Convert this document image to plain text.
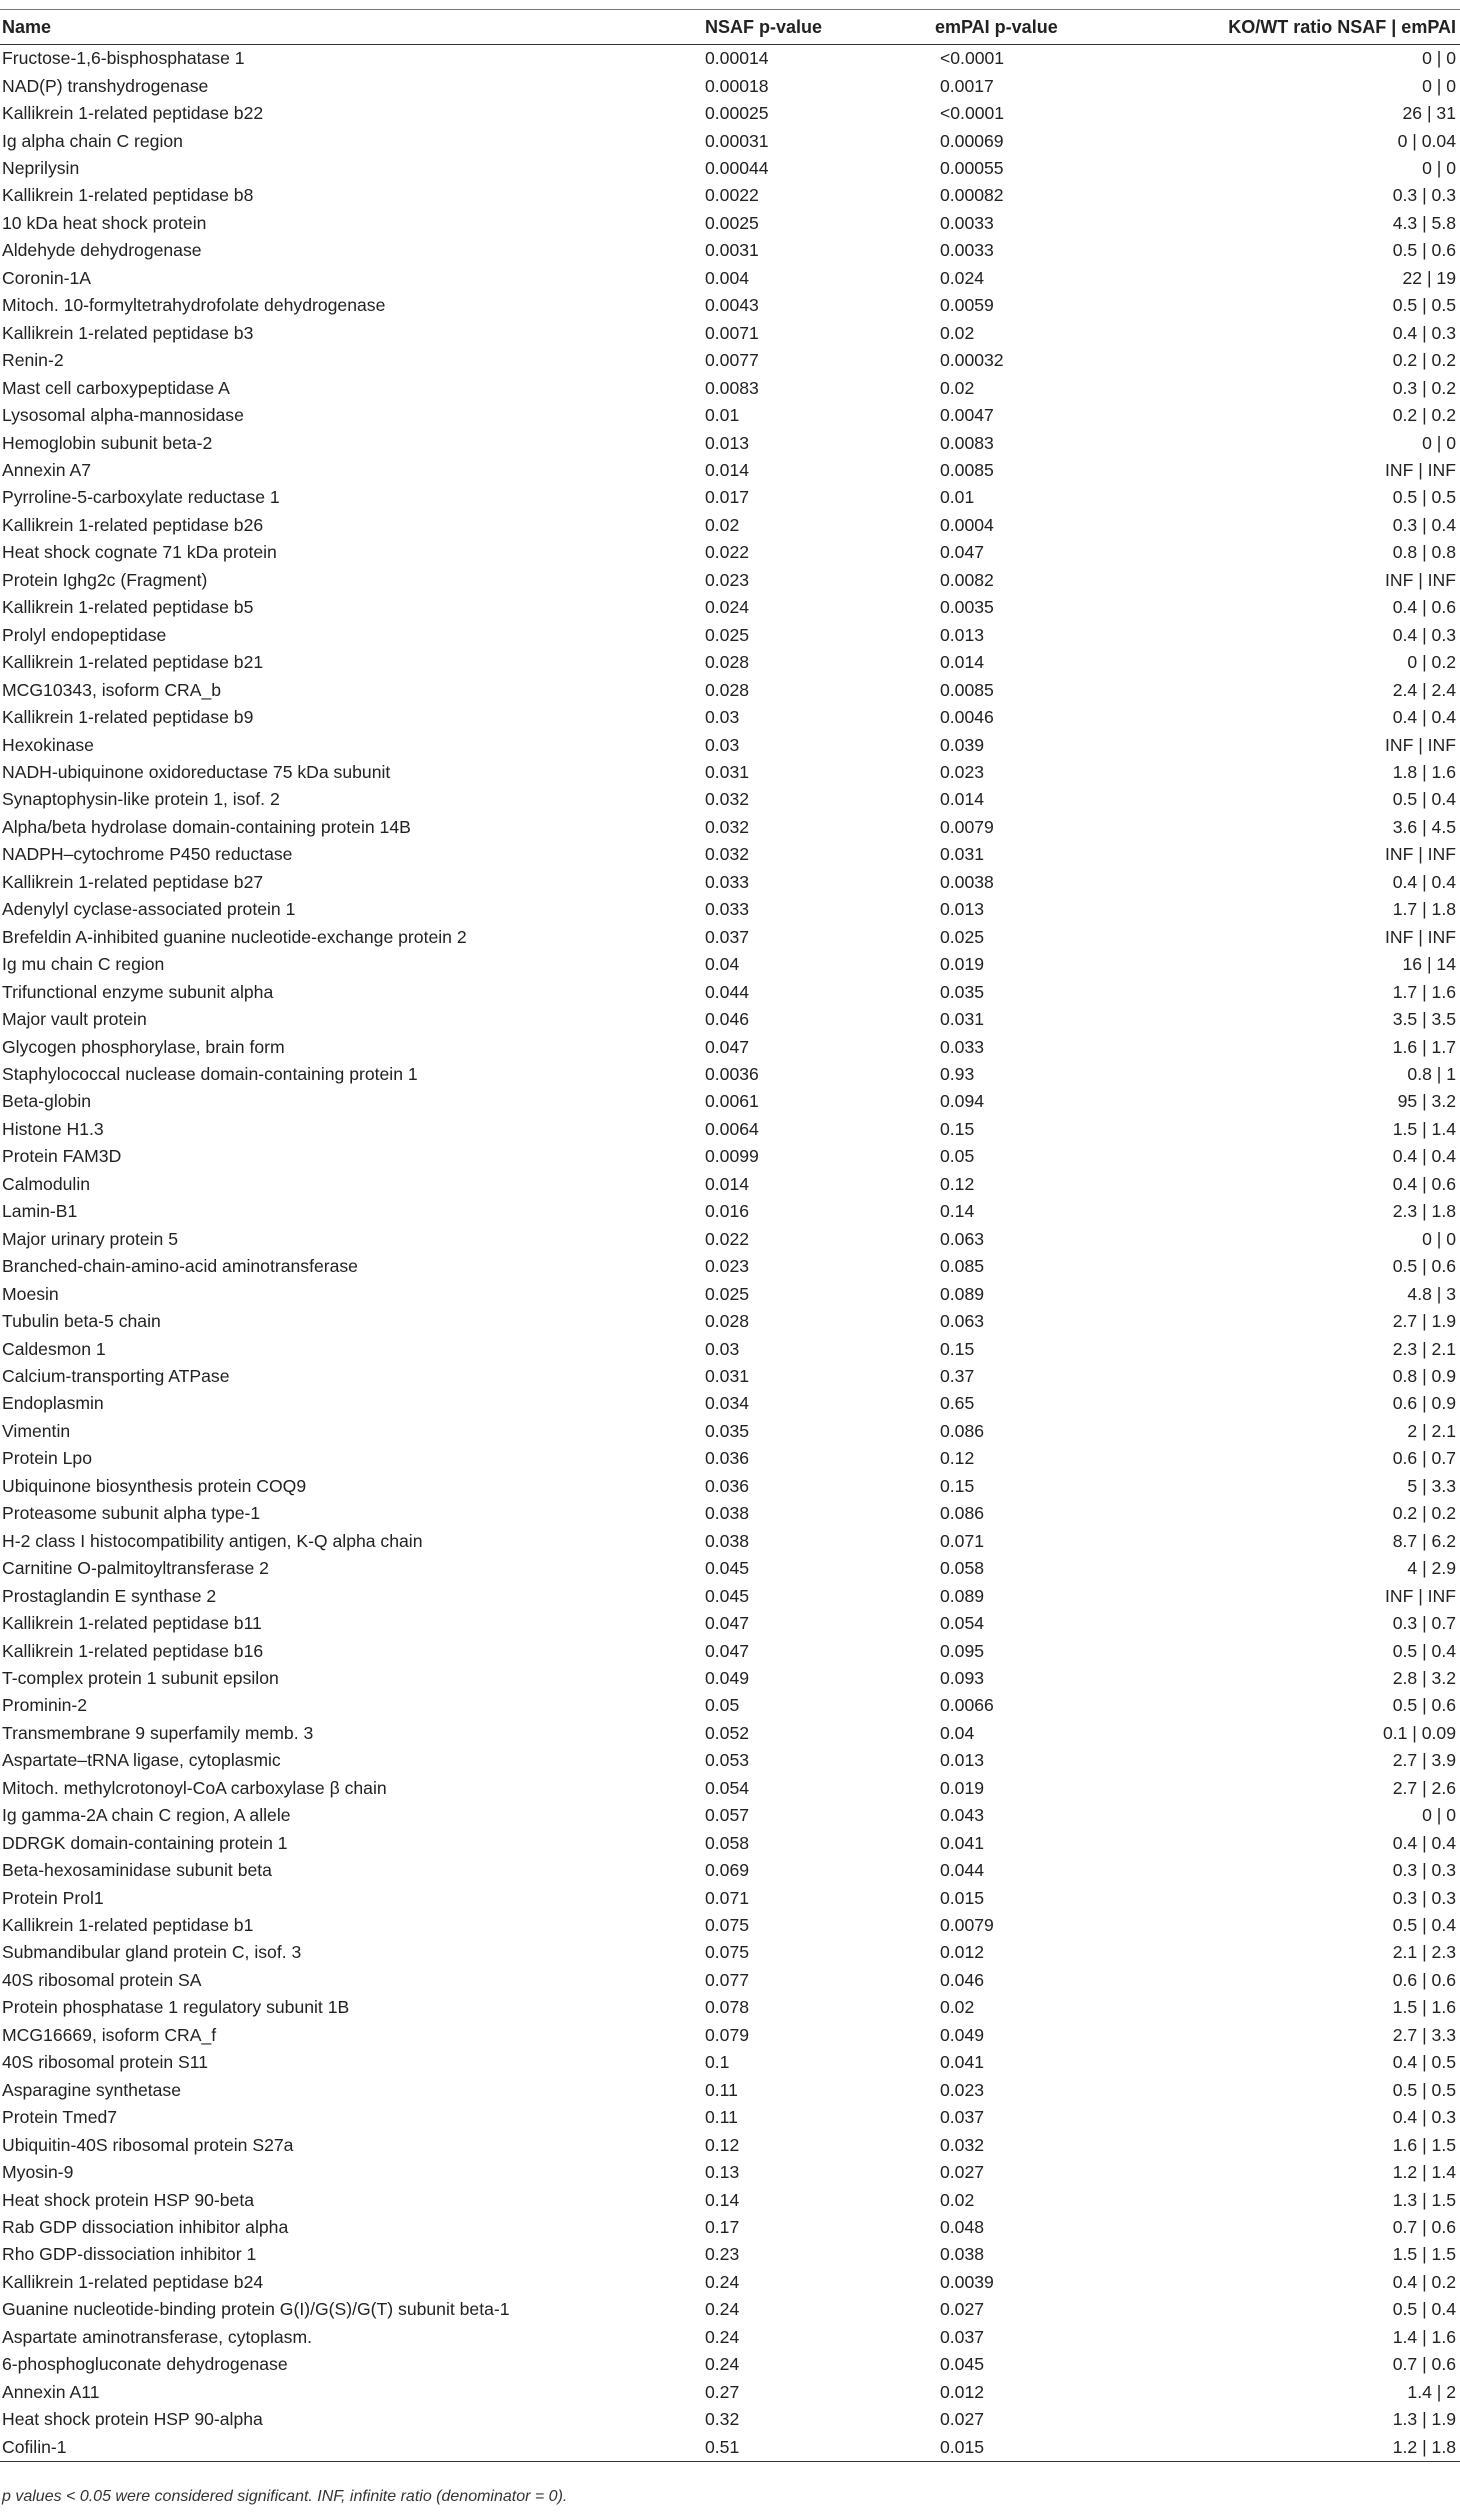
Name	NSAF p-value	emPAI p-value	KO/WT ratio NSAF | emPAI
Fructose-1,6-bisphosphatase 1	0.00014	<0.0001	0 | 0
NAD(P) transhydrogenase	0.00018	0.0017	0 | 0
Kallikrein 1-related peptidase b22	0.00025	<0.0001	26 | 31
Ig alpha chain C region	0.00031	0.00069	0 | 0.04
Neprilysin	0.00044	0.00055	0 | 0
Kallikrein 1-related peptidase b8	0.0022	0.00082	0.3 | 0.3
10 kDa heat shock protein	0.0025	0.0033	4.3 | 5.8
Aldehyde dehydrogenase	0.0031	0.0033	0.5 | 0.6
Coronin-1A	0.004	0.024	22 | 19
Mitoch. 10-formyltetrahydrofolate dehydrogenase	0.0043	0.0059	0.5 | 0.5
Kallikrein 1-related peptidase b3	0.0071	0.02	0.4 | 0.3
Renin-2	0.0077	0.00032	0.2 | 0.2
Mast cell carboxypeptidase A	0.0083	0.02	0.3 | 0.2
Lysosomal alpha-mannosidase	0.01	0.0047	0.2 | 0.2
Hemoglobin subunit beta-2	0.013	0.0083	0 | 0
Annexin A7	0.014	0.0085	INF | INF
Pyrroline-5-carboxylate reductase 1	0.017	0.01	0.5 | 0.5
Kallikrein 1-related peptidase b26	0.02	0.0004	0.3 | 0.4
Heat shock cognate 71 kDa protein	0.022	0.047	0.8 | 0.8
Protein Ighg2c (Fragment)	0.023	0.0082	INF | INF
Kallikrein 1-related peptidase b5	0.024	0.0035	0.4 | 0.6
Prolyl endopeptidase	0.025	0.013	0.4 | 0.3
Kallikrein 1-related peptidase b21	0.028	0.014	0 | 0.2
MCG10343, isoform CRA_b	0.028	0.0085	2.4 | 2.4
Kallikrein 1-related peptidase b9	0.03	0.0046	0.4 | 0.4
Hexokinase	0.03	0.039	INF | INF
NADH-ubiquinone oxidoreductase 75 kDa subunit	0.031	0.023	1.8 | 1.6
Synaptophysin-like protein 1, isof. 2	0.032	0.014	0.5 | 0.4
Alpha/beta hydrolase domain-containing protein 14B	0.032	0.0079	3.6 | 4.5
NADPH–cytochrome P450 reductase	0.032	0.031	INF | INF
Kallikrein 1-related peptidase b27	0.033	0.0038	0.4 | 0.4
Adenylyl cyclase-associated protein 1	0.033	0.013	1.7 | 1.8
Brefeldin A-inhibited guanine nucleotide-exchange protein 2	0.037	0.025	INF | INF
Ig mu chain C region	0.04	0.019	16 | 14
Trifunctional enzyme subunit alpha	0.044	0.035	1.7 | 1.6
Major vault protein	0.046	0.031	3.5 | 3.5
Glycogen phosphorylase, brain form	0.047	0.033	1.6 | 1.7
Staphylococcal nuclease domain-containing protein 1	0.0036	0.93	0.8 | 1
Beta-globin	0.0061	0.094	95 | 3.2
Histone H1.3	0.0064	0.15	1.5 | 1.4
Protein FAM3D	0.0099	0.05	0.4 | 0.4
Calmodulin	0.014	0.12	0.4 | 0.6
Lamin-B1	0.016	0.14	2.3 | 1.8
Major urinary protein 5	0.022	0.063	0 | 0
Branched-chain-amino-acid aminotransferase	0.023	0.085	0.5 | 0.6
Moesin	0.025	0.089	4.8 | 3
Tubulin beta-5 chain	0.028	0.063	2.7 | 1.9
Caldesmon 1	0.03	0.15	2.3 | 2.1
Calcium-transporting ATPase	0.031	0.37	0.8 | 0.9
Endoplasmin	0.034	0.65	0.6 | 0.9
Vimentin	0.035	0.086	2 | 2.1
Protein Lpo	0.036	0.12	0.6 | 0.7
Ubiquinone biosynthesis protein COQ9	0.036	0.15	5 | 3.3
Proteasome subunit alpha type-1	0.038	0.086	0.2 | 0.2
H-2 class I histocompatibility antigen, K-Q alpha chain	0.038	0.071	8.7 | 6.2
Carnitine O-palmitoyltransferase 2	0.045	0.058	4 | 2.9
Prostaglandin E synthase 2	0.045	0.089	INF | INF
Kallikrein 1-related peptidase b11	0.047	0.054	0.3 | 0.7
Kallikrein 1-related peptidase b16	0.047	0.095	0.5 | 0.4
T-complex protein 1 subunit epsilon	0.049	0.093	2.8 | 3.2
Prominin-2	0.05	0.0066	0.5 | 0.6
Transmembrane 9 superfamily memb. 3	0.052	0.04	0.1 | 0.09
Aspartate–tRNA ligase, cytoplasmic	0.053	0.013	2.7 | 3.9
Mitoch. methylcrotonoyl-CoA carboxylase β chain	0.054	0.019	2.7 | 2.6
Ig gamma-2A chain C region, A allele	0.057	0.043	0 | 0
DDRGK domain-containing protein 1	0.058	0.041	0.4 | 0.4
Beta-hexosaminidase subunit beta	0.069	0.044	0.3 | 0.3
Protein Prol1	0.071	0.015	0.3 | 0.3
Kallikrein 1-related peptidase b1	0.075	0.0079	0.5 | 0.4
Submandibular gland protein C, isof. 3	0.075	0.012	2.1 | 2.3
40S ribosomal protein SA	0.077	0.046	0.6 | 0.6
Protein phosphatase 1 regulatory subunit 1B	0.078	0.02	1.5 | 1.6
MCG16669, isoform CRA_f	0.079	0.049	2.7 | 3.3
40S ribosomal protein S11	0.1	0.041	0.4 | 0.5
Asparagine synthetase	0.11	0.023	0.5 | 0.5
Protein Tmed7	0.11	0.037	0.4 | 0.3
Ubiquitin-40S ribosomal protein S27a	0.12	0.032	1.6 | 1.5
Myosin-9	0.13	0.027	1.2 | 1.4
Heat shock protein HSP 90-beta	0.14	0.02	1.3 | 1.5
Rab GDP dissociation inhibitor alpha	0.17	0.048	0.7 | 0.6
Rho GDP-dissociation inhibitor 1	0.23	0.038	1.5 | 1.5
Kallikrein 1-related peptidase b24	0.24	0.0039	0.4 | 0.2
Guanine nucleotide-binding protein G(I)/G(S)/G(T) subunit beta-1	0.24	0.027	0.5 | 0.4
Aspartate aminotransferase, cytoplasm.	0.24	0.037	1.4 | 1.6
6-phosphogluconate dehydrogenase	0.24	0.045	0.7 | 0.6
Annexin A11	0.27	0.012	1.4 | 2
Heat shock protein HSP 90-alpha	0.32	0.027	1.3 | 1.9
Cofilin-1	0.51	0.015	1.2 | 1.8
p values < 0.05 were considered significant. INF, infinite ratio (denominator = 0).
